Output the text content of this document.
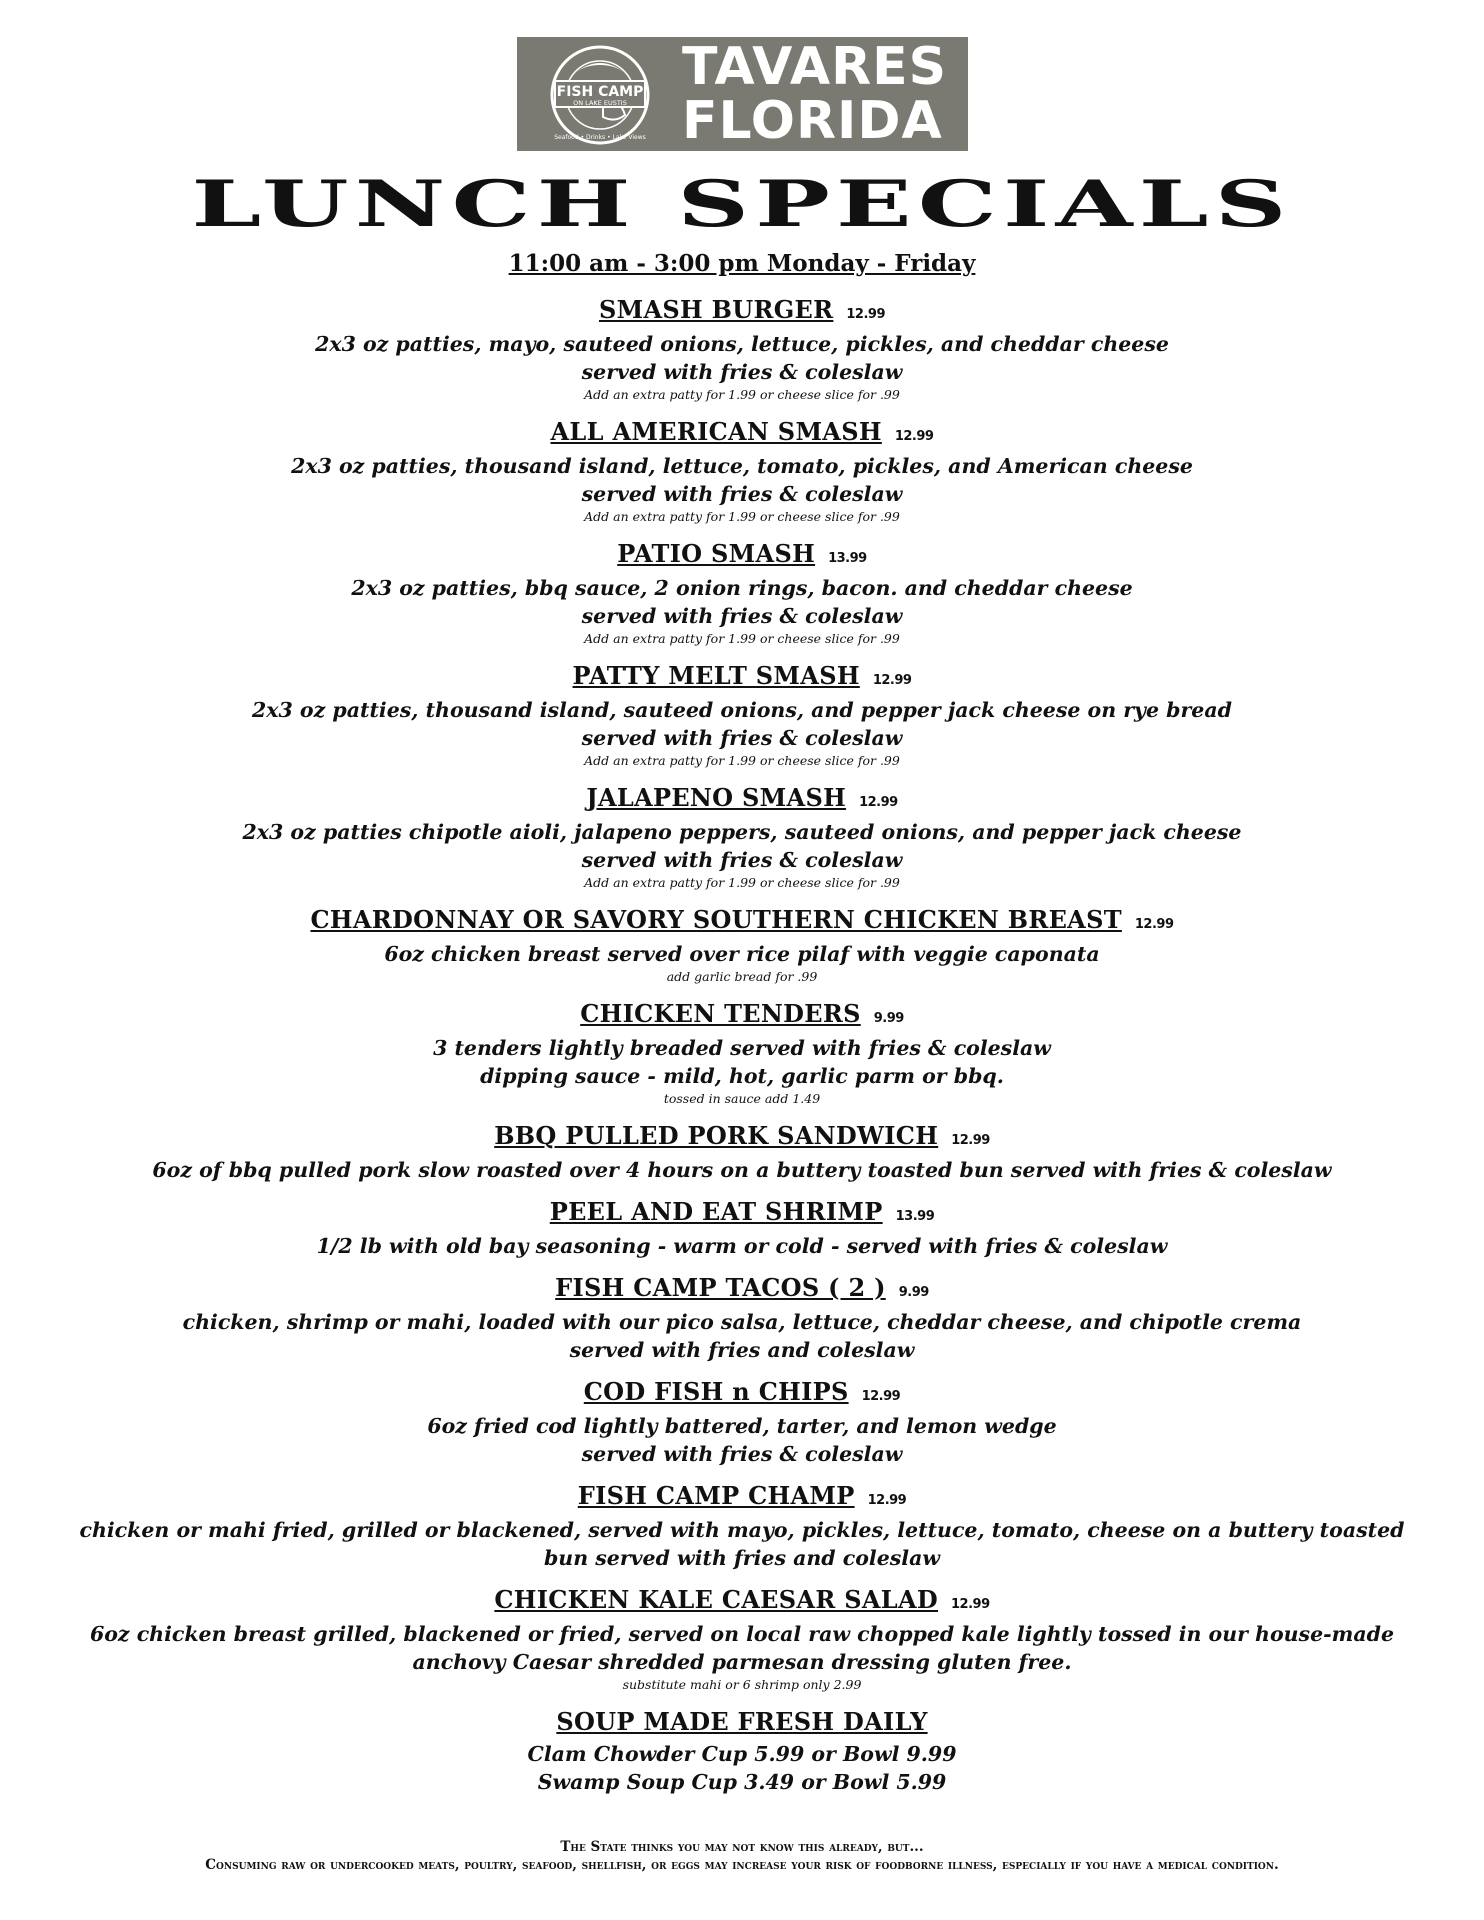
FISH CAMP
ON LAKE EUSTIS
Seafood • Drinks • Lake Views
TAVARES
FLORIDA
LUNCH SPECIALS
11:00 am - 3:00 pm Monday - Friday
SMASH BURGER 12.99
2x3 oz patties, mayo, sauteed onions, lettuce, pickles, and cheddar cheese
served with fries & coleslaw
Add an extra patty for 1.99 or cheese slice for .99
ALL AMERICAN SMASH 12.99
2x3 oz patties, thousand island, lettuce, tomato, pickles, and American cheese
served with fries & coleslaw
Add an extra patty for 1.99 or cheese slice for .99
PATIO SMASH 13.99
2x3 oz patties, bbq sauce, 2 onion rings, bacon. and cheddar cheese
served with fries & coleslaw
Add an extra patty for 1.99 or cheese slice for .99
PATTY MELT SMASH 12.99
2x3 oz patties, thousand island, sauteed onions, and pepper jack cheese on rye bread
served with fries & coleslaw
Add an extra patty for 1.99 or cheese slice for .99
JALAPENO SMASH 12.99
2x3 oz patties chipotle aioli, jalapeno peppers, sauteed onions, and pepper jack cheese
served with fries & coleslaw
Add an extra patty for 1.99 or cheese slice for .99
CHARDONNAY OR SAVORY SOUTHERN CHICKEN BREAST 12.99
6oz chicken breast served over rice pilaf with veggie caponata
add garlic bread for .99
CHICKEN TENDERS 9.99
3 tenders lightly breaded served with fries & coleslaw
dipping sauce - mild, hot, garlic parm or bbq.
tossed in sauce add 1.49
BBQ PULLED PORK SANDWICH 12.99
6oz of bbq pulled pork slow roasted over 4 hours on a buttery toasted bun served with fries & coleslaw
PEEL AND EAT SHRIMP 13.99
1/2 lb with old bay seasoning - warm or cold - served with fries & coleslaw
FISH CAMP TACOS ( 2 ) 9.99
chicken, shrimp or mahi, loaded with our pico salsa, lettuce, cheddar cheese, and chipotle crema
served with fries and coleslaw
COD FISH n CHIPS 12.99
6oz fried cod lightly battered, tarter, and lemon wedge
served with fries & coleslaw
FISH CAMP CHAMP 12.99
chicken or mahi fried, grilled or blackened, served with mayo, pickles, lettuce, tomato, cheese on a buttery toasted
bun served with fries and coleslaw
CHICKEN KALE CAESAR SALAD 12.99
6oz chicken breast grilled, blackened or fried, served on local raw chopped kale lightly tossed in our house-made
anchovy Caesar shredded parmesan dressing gluten free.
substitute mahi or 6 shrimp only 2.99
SOUP MADE FRESH DAILY
Clam Chowder Cup 5.99 or Bowl 9.99
Swamp Soup Cup 3.49 or Bowl 5.99
The State thinks you may not know this already, but...
Consuming raw or undercooked meats, poultry, seafood, shellfish, or eggs may increase your risk of foodborne illness, especially if you have a medical condition.
